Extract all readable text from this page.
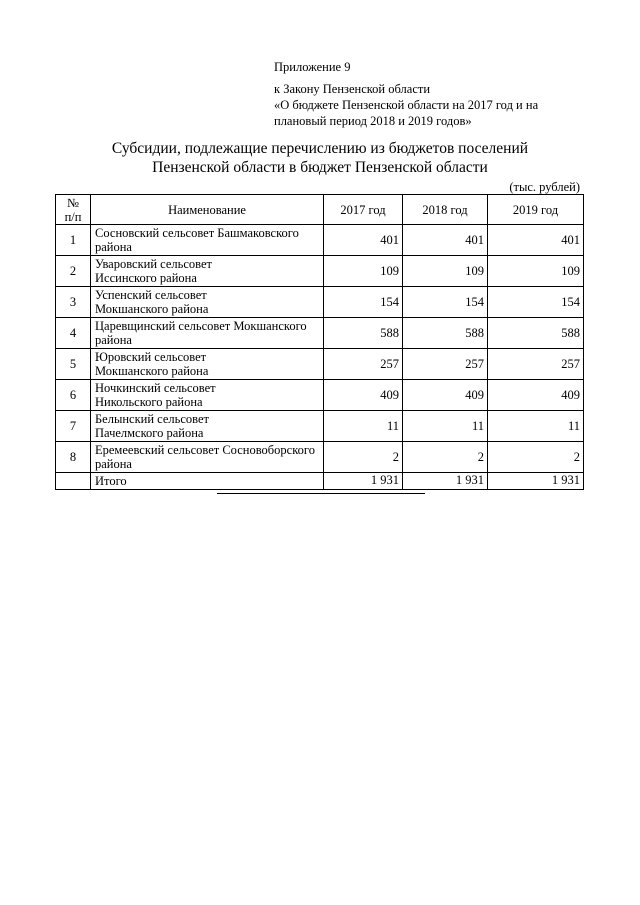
Приложение 9
к Закону Пензенской области
«О бюджете Пензенской области на 2017 год и на
плановый период 2018 и 2019 годов»
Субсидии, подлежащие перечислению из бюджетов поселений
Пензенской области в бюджет Пензенской области
(тыс. рублей)
№
п/п	Наименование	2017 год	2018 год	2019 год
1	Сосновский сельсовет Башмаковского
района	401	401	401
2	Уваровский сельсовет
Иссинского района	109	109	109
3	Успенский сельсовет
Мокшанского района	154	154	154
4	Царевщинский сельсовет Мокшанского
района	588	588	588
5	Юровский сельсовет
Мокшанского района	257	257	257
6	Ночкинский сельсовет
Никольского района	409	409	409
7	Белынский сельсовет
Пачелмского района	11	11	11
8	Еремеевский сельсовет Сосновоборского
района	2	2	2
	Итого	1 931	1 931	1 931
